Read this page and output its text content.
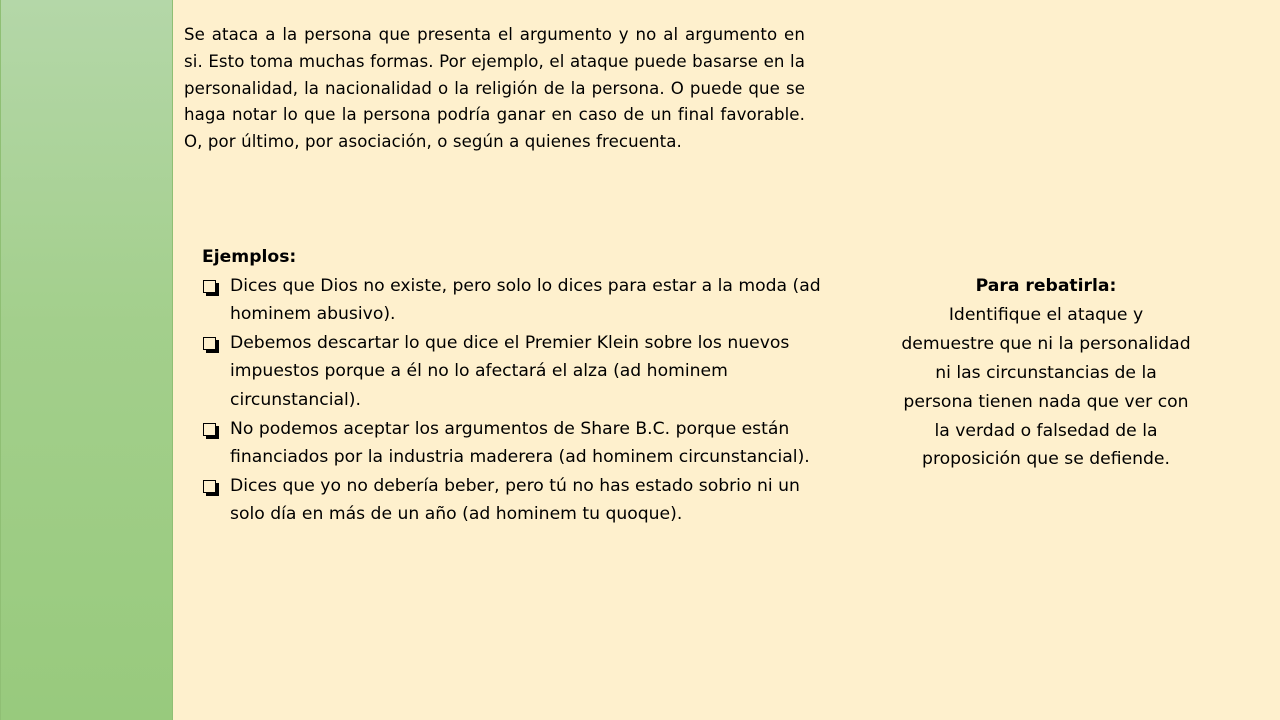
Se ataca a la persona que presenta el argumento y no al argumento en si. Esto toma muchas formas. Por ejemplo, el ataque puede basarse en la personalidad, la nacionalidad o la religión de la persona. O puede que se haga notar lo que la persona podría ganar en caso de un final favorable. O, por último, por asociación, o según a quienes frecuenta.

Ejemplos:

Dices que Dios no existe, pero solo lo dices para estar a la moda (ad hominem abusivo).
Debemos descartar lo que dice el Premier Klein sobre los nuevos impuestos porque a él no lo afectará el alza (ad hominem circunstancial).
No podemos aceptar los argumentos de Share B.C. porque están financiados por la industria maderera (ad hominem circunstancial).
Dices que yo no debería beber, pero tú no has estado sobrio ni un solo día en más de un año (ad hominem tu quoque).

Para rebatirla:

Identifique el ataque y demuestre que ni la personalidad ni las circunstancias de la persona tienen nada que ver con la verdad o falsedad de la proposición que se defiende.
